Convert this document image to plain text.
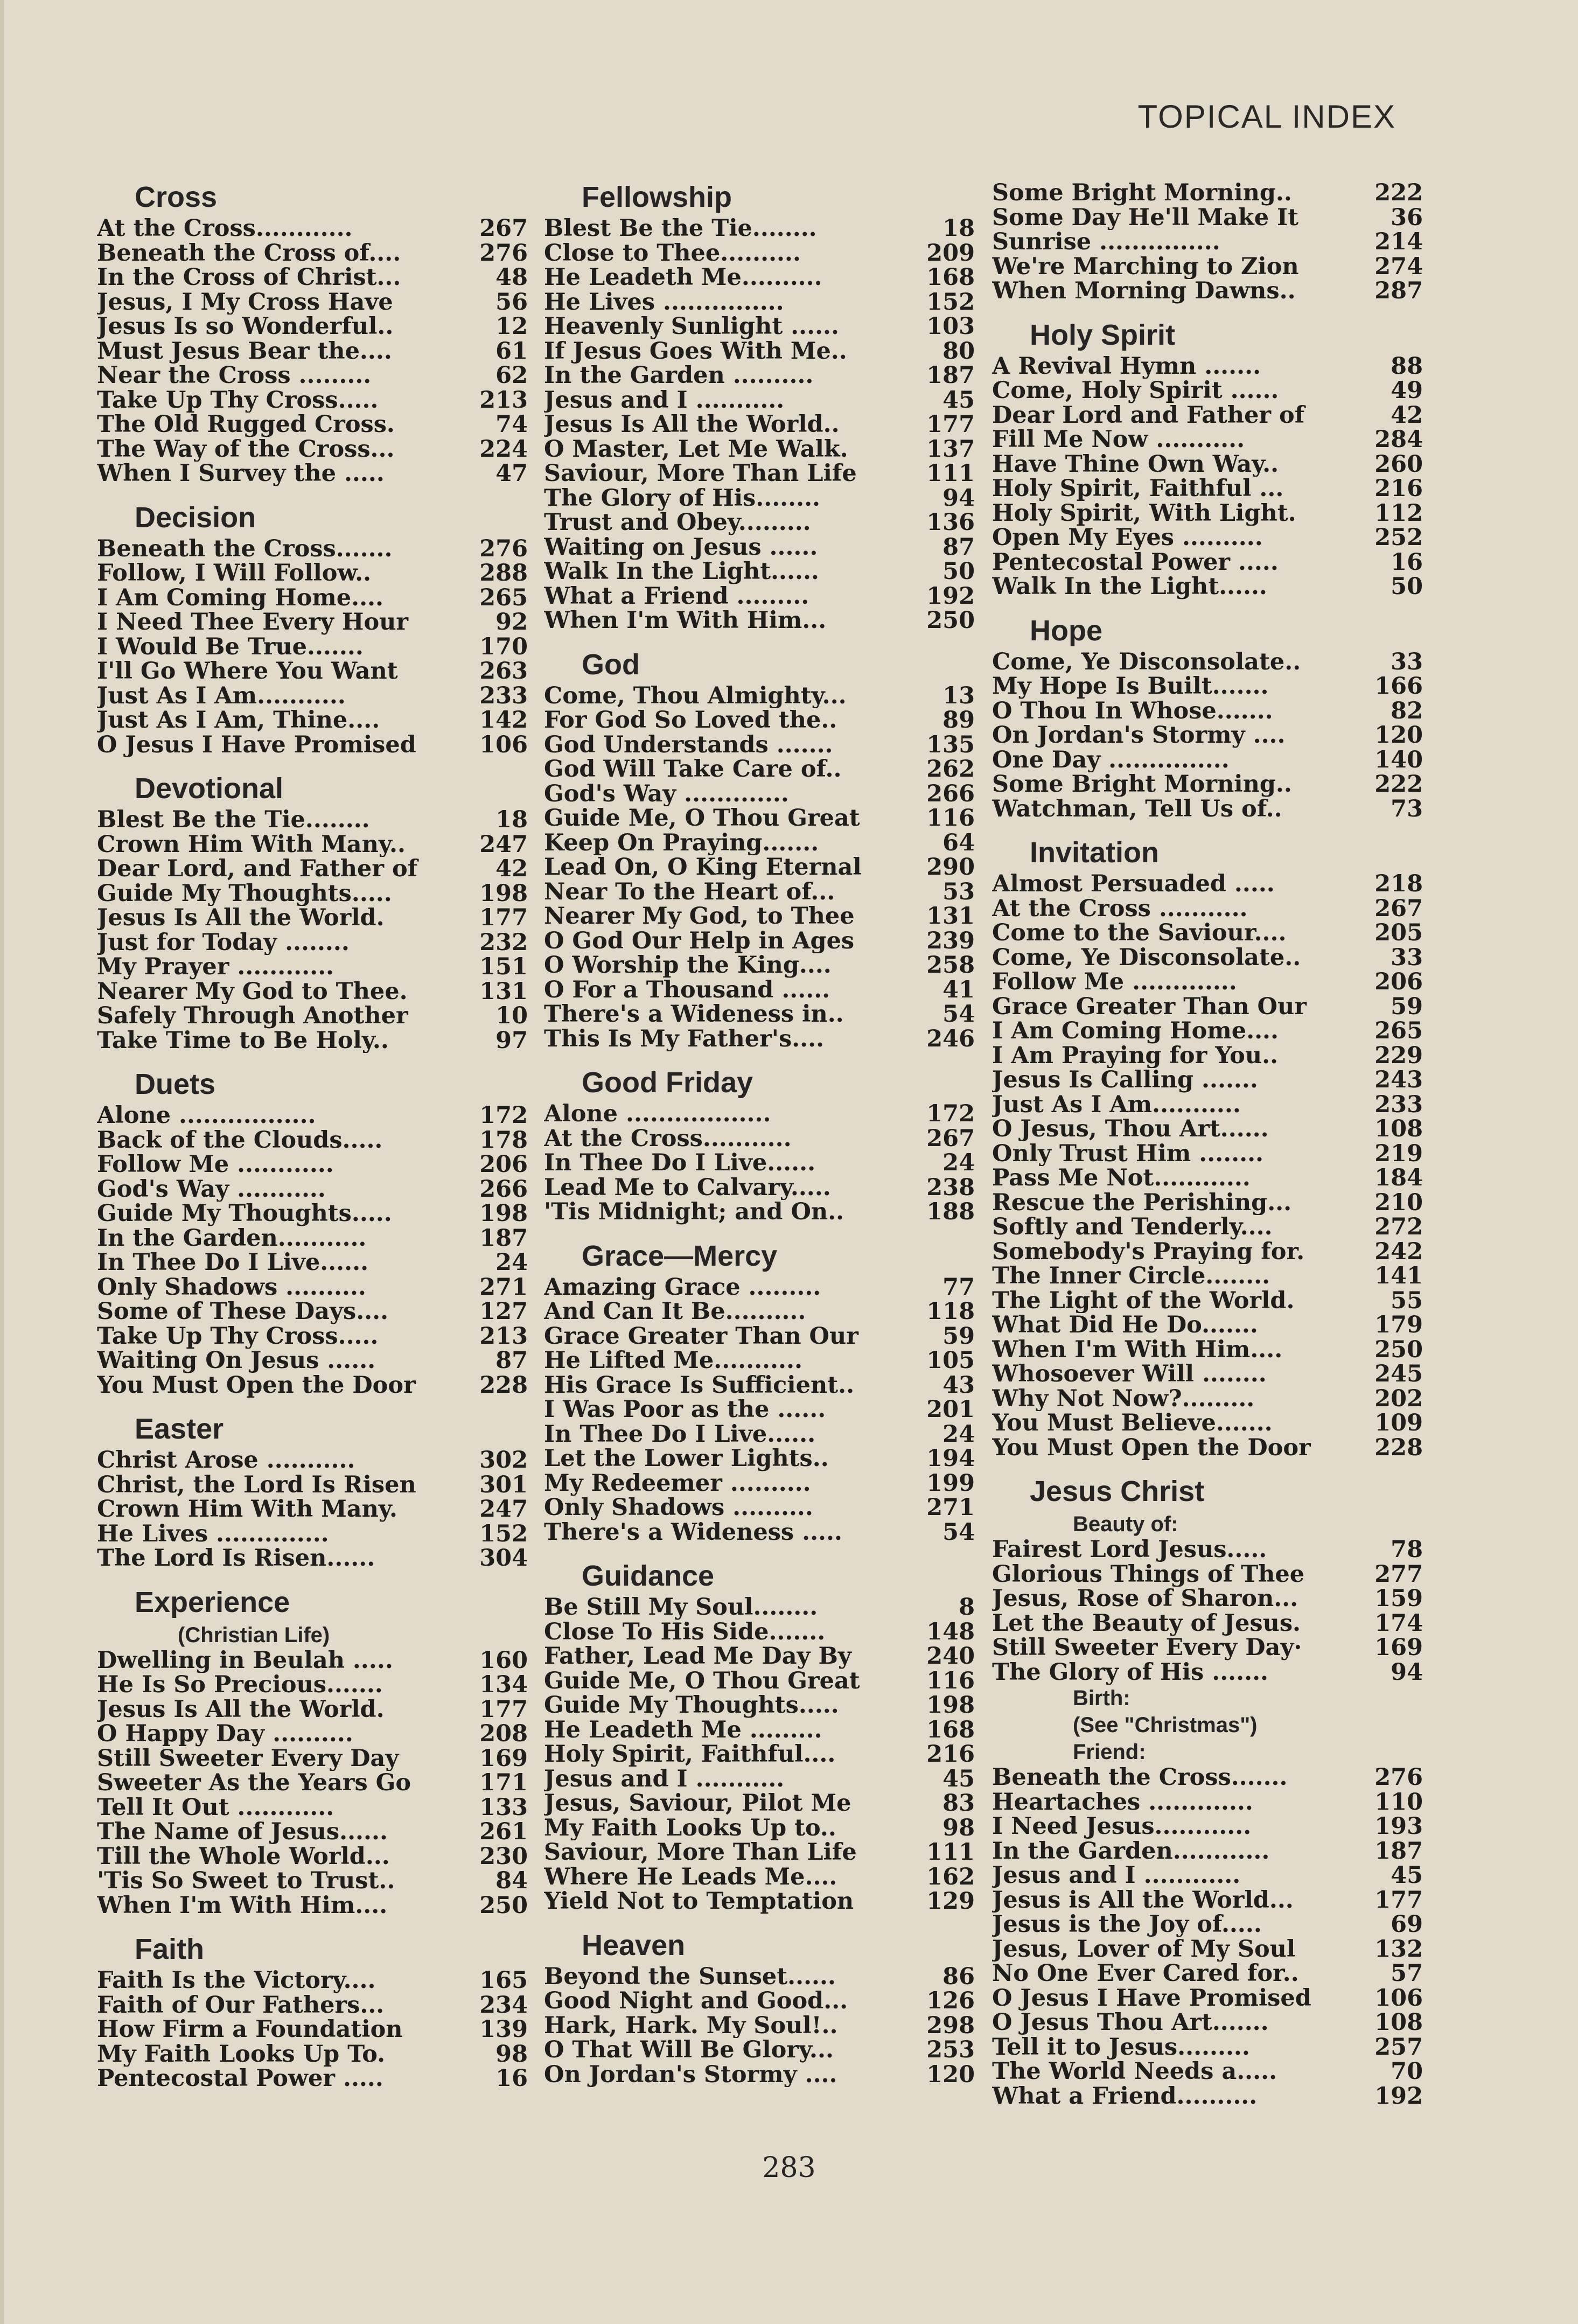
TOPICAL INDEX
Cross
At the Cross............	267
Beneath the Cross of....	276
In the Cross of Christ...	48
Jesus, I My Cross Have	56
Jesus Is so Wonderful..	12
Must Jesus Bear the....	61
Near the Cross .........	62
Take Up Thy Cross.....	213
The Old Rugged Cross.	74
The Way of the Cross...	224
When I Survey the .....	47
Decision
Beneath the Cross.......	276
Follow, I Will Follow..	288
I Am Coming Home....	265
I Need Thee Every Hour	92
I Would Be True.......	170
I'll Go Where You Want	263
Just As I Am...........	233
Just As I Am, Thine....	142
O Jesus I Have Promised	106
Devotional
Blest Be the Tie........	18
Crown Him With Many..	247
Dear Lord, and Father of	42
Guide My Thoughts.....	198
Jesus Is All the World.	177
Just for Today ........	232
My Prayer ............	151
Nearer My God to Thee.	131
Safely Through Another	10
Take Time to Be Holy..	97
Duets
Alone .................	172
Back of the Clouds.....	178
Follow Me ............	206
God's Way ...........	266
Guide My Thoughts.....	198
In the Garden...........	187
In Thee Do I Live......	24
Only Shadows ..........	271
Some of These Days....	127
Take Up Thy Cross.....	213
Waiting On Jesus ......	87
You Must Open the Door	228
Easter
Christ Arose ...........	302
Christ, the Lord Is Risen	301
Crown Him With Many.	247
He Lives ..............	152
The Lord Is Risen......	304
Experience
(Christian Life)
Dwelling in Beulah .....	160
He Is So Precious.......	134
Jesus Is All the World.	177
O Happy Day ..........	208
Still Sweeter Every Day	169
Sweeter As the Years Go	171
Tell It Out ............	133
The Name of Jesus......	261
Till the Whole World...	230
'Tis So Sweet to Trust..	84
When I'm With Him....	250
Faith
Faith Is the Victory....	165
Faith of Our Fathers...	234
How Firm a Foundation	139
My Faith Looks Up To.	98
Pentecostal Power .....	16
Fellowship
Blest Be the Tie........	18
Close to Thee..........	209
He Leadeth Me..........	168
He Lives ...............	152
Heavenly Sunlight ......	103
If Jesus Goes With Me..	80
In the Garden ..........	187
Jesus and I ...........	45
Jesus Is All the World..	177
O Master, Let Me Walk.	137
Saviour, More Than Life	111
The Glory of His........	94
Trust and Obey.........	136
Waiting on Jesus ......	87
Walk In the Light......	50
What a Friend .........	192
When I'm With Him...	250
God
Come, Thou Almighty...	13
For God So Loved the..	89
God Understands .......	135
God Will Take Care of..	262
God's Way .............	266
Guide Me, O Thou Great	116
Keep On Praying.......	64
Lead On, O King Eternal	290
Near To the Heart of...	53
Nearer My God, to Thee	131
O God Our Help in Ages	239
O Worship the King....	258
O For a Thousand ......	41
There's a Wideness in..	54
This Is My Father's....	246
Good Friday
Alone ..................	172
At the Cross...........	267
In Thee Do I Live......	24
Lead Me to Calvary.....	238
'Tis Midnight; and On..	188
Grace—Mercy
Amazing Grace .........	77
And Can It Be..........	118
Grace Greater Than Our	59
He Lifted Me...........	105
His Grace Is Sufficient..	43
I Was Poor as the ......	201
In Thee Do I Live......	24
Let the Lower Lights..	194
My Redeemer ..........	199
Only Shadows ..........	271
There's a Wideness .....	54
Guidance
Be Still My Soul........	8
Close To His Side.......	148
Father, Lead Me Day By	240
Guide Me, O Thou Great	116
Guide My Thoughts.....	198
He Leadeth Me .........	168
Holy Spirit, Faithful....	216
Jesus and I ...........	45
Jesus, Saviour, Pilot Me	83
My Faith Looks Up to..	98
Saviour, More Than Life	111
Where He Leads Me....	162
Yield Not to Temptation	129
Heaven
Beyond the Sunset......	86
Good Night and Good...	126
Hark, Hark. My Soul!..	298
O That Will Be Glory...	253
On Jordan's Stormy ....	120
Some Bright Morning..	222
Some Day He'll Make It	36
Sunrise ...............	214
We're Marching to Zion	274
When Morning Dawns..	287
Holy Spirit
A Revival Hymn .......	88
Come, Holy Spirit ......	49
Dear Lord and Father of	42
Fill Me Now ...........	284
Have Thine Own Way..	260
Holy Spirit, Faithful ...	216
Holy Spirit, With Light.	112
Open My Eyes ..........	252
Pentecostal Power .....	16
Walk In the Light......	50
Hope
Come, Ye Disconsolate..	33
My Hope Is Built.......	166
O Thou In Whose.......	82
On Jordan's Stormy ....	120
One Day ...............	140
Some Bright Morning..	222
Watchman, Tell Us of..	73
Invitation
Almost Persuaded .....	218
At the Cross ...........	267
Come to the Saviour....	205
Come, Ye Disconsolate..	33
Follow Me .............	206
Grace Greater Than Our	59
I Am Coming Home....	265
I Am Praying for You..	229
Jesus Is Calling .......	243
Just As I Am...........	233
O Jesus, Thou Art......	108
Only Trust Him ........	219
Pass Me Not............	184
Rescue the Perishing...	210
Softly and Tenderly....	272
Somebody's Praying for.	242
The Inner Circle........	141
The Light of the World.	55
What Did He Do.......	179
When I'm With Him....	250
Whosoever Will ........	245
Why Not Now?.........	202
You Must Believe.......	109
You Must Open the Door	228
Jesus Christ
Beauty of:
Fairest Lord Jesus.....	78
Glorious Things of Thee	277
Jesus, Rose of Sharon...	159
Let the Beauty of Jesus.	174
Still Sweeter Every Day·	169
The Glory of His .......	94
Birth:
(See "Christmas")
Friend:
Beneath the Cross.......	276
Heartaches .............	110
I Need Jesus............	193
In the Garden............	187
Jesus and I ............	45
Jesus is All the World...	177
Jesus is the Joy of.....	69
Jesus, Lover of My Soul	132
No One Ever Cared for..	57
O Jesus I Have Promised	106
O Jesus Thou Art.......	108
Tell it to Jesus.........	257
The World Needs a.....	70
What a Friend..........	192
283
